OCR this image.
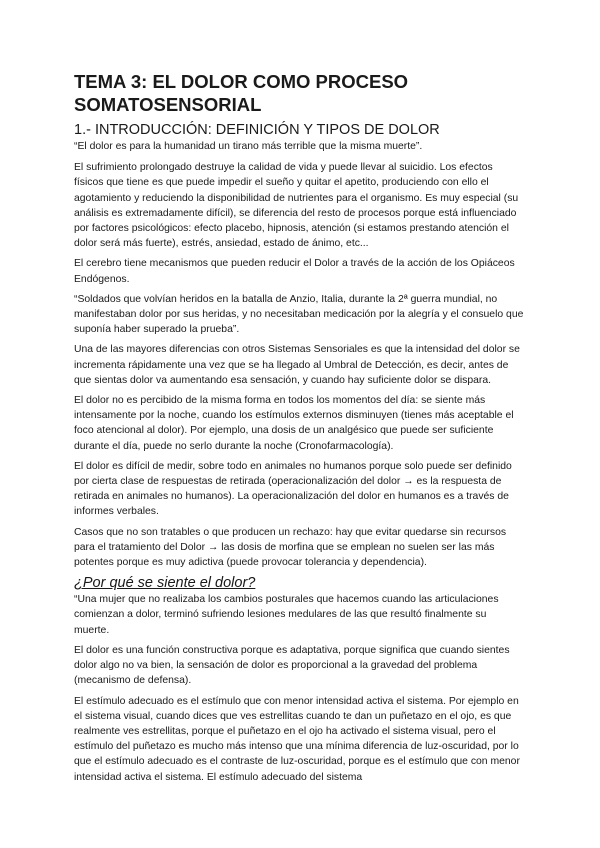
TEMA 3: EL DOLOR COMO PROCESO SOMATOSENSORIAL
1.- INTRODUCCIÓN: DEFINICIÓN Y TIPOS DE DOLOR

“El dolor es para la humanidad un tirano más terrible que la misma muerte”.

El sufrimiento prolongado destruye la calidad de vida y puede llevar al suicidio. Los efectos físicos que tiene es que puede impedir el sueño y quitar el apetito, produciendo con ello el agotamiento y reduciendo la disponibilidad de nutrientes para el organismo. Es muy especial (su análisis es extremadamente difícil), se diferencia del resto de procesos porque está influenciado por factores psicológicos: efecto placebo, hipnosis, atención (si estamos prestando atención el dolor será más fuerte), estrés, ansiedad, estado de ánimo, etc...

El cerebro tiene mecanismos que pueden reducir el Dolor a través de la acción de los Opiáceos Endógenos.

“Soldados que volvían heridos en la batalla de Anzio, Italia, durante la 2ª guerra mundial, no manifestaban dolor por sus heridas, y no necesitaban medicación por la alegría y el consuelo que suponía haber superado la prueba”.

Una de las mayores diferencias con otros Sistemas Sensoriales es que la intensidad del dolor se incrementa rápidamente una vez que se ha llegado al Umbral de Detección, es decir, antes de que sientas dolor va aumentando esa sensación, y cuando hay suficiente dolor se dispara.

El dolor no es percibido de la misma forma en todos los momentos del día: se siente más intensamente por la noche, cuando los estímulos externos disminuyen (tienes más aceptable el foco atencional al dolor). Por ejemplo, una dosis de un analgésico que puede ser suficiente durante el día, puede no serlo durante la noche (Cronofarmacología).

El dolor es difícil de medir, sobre todo en animales no humanos porque solo puede ser definido por cierta clase de respuestas de retirada (operacionalización del dolor → es la respuesta de retirada en animales no humanos). La operacionalización del dolor en humanos es a través de informes verbales.

Casos que no son tratables o que producen un rechazo: hay que evitar quedarse sin recursos para el tratamiento del Dolor → las dosis de morfina que se emplean no suelen ser las más potentes porque es muy adictiva (puede provocar tolerancia y dependencia).

¿Por qué se siente el dolor?

“Una mujer que no realizaba los cambios posturales que hacemos cuando las articulaciones comienzan a dolor, terminó sufriendo lesiones medulares de las que resultó finalmente su muerte.

El dolor es una función constructiva porque es adaptativa, porque significa que cuando sientes dolor algo no va bien, la sensación de dolor es proporcional a la gravedad del problema (mecanismo de defensa).

El estímulo adecuado es el estímulo que con menor intensidad activa el sistema. Por ejemplo en el sistema visual, cuando dices que ves estrellitas cuando te dan un puñetazo en el ojo, es que realmente ves estrellitas, porque el puñetazo en el ojo ha activado el sistema visual, pero el estímulo del puñetazo es mucho más intenso que una mínima diferencia de luz-oscuridad, por lo que el estímulo adecuado es el contraste de luz-oscuridad, porque es el estímulo que con menor intensidad activa el sistema. El estímulo adecuado del sistema
